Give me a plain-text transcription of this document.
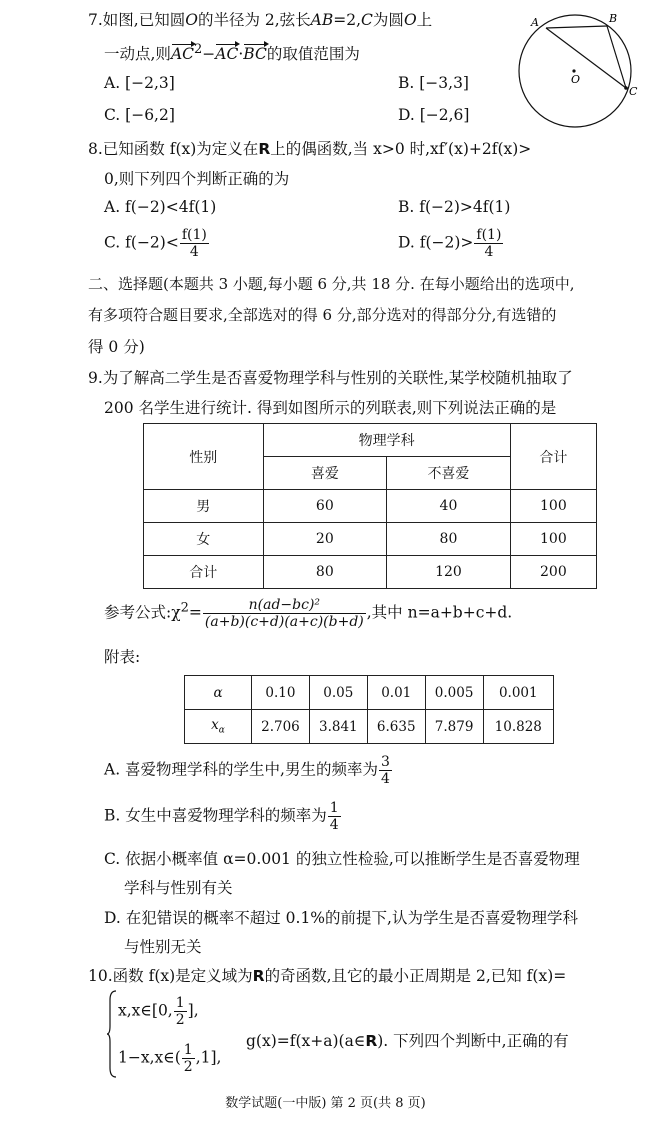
7.如图,已知圆O的半径为 2,弦长AB=2,C为圆O上
一动点,则$AC^2-AC\cdot BC$的取值范围为
A. [−2,3]	B. [−3,3]
C. [−6,2]	D. [−2,6]
A	B
C
O
8.已知函数 f(x)为定义在R上的偶函数,当 x>0 时,xf′(x)+2f(x)>
0,则下列四个判断正确的为
A. f(−2)<4f(1)	B. f(−2)>4f(1)
C. $f(-2)< \frac{f(1)}{4}$	D. $f(-2)> \frac{f(1)}{4}$
二、选择题(本题共 3 小题,每小题 6 分,共 18 分. 在每小题给出的选项中,
有多项符合题目要求,全部选对的得 6 分,部分选对的得部分分,有选错的
得 0 分)
9.为了解高二学生是否喜爱物理学科与性别的关联性,某学校随机抽取了
200 名学生进行统计. 得到如图所示的列联表,则下列说法正确的是
性别	物理学科		合计
	喜爱	不喜爱	
男	60	40	100
女	20	80	100
合计	80	120	200
参考公式$:\chi^2= \frac{\text{n(ad−bc)²}}{(a+b)(c+d)(a+c)(b+d)}$ ,其中 n=a+b+c+d.
附表:
α	0.10	0.05	0.01	0.005	0.001
$x_\alpha$	2.706	3.841	6.635	7.879	10.828
A. 喜爱物理学科的学生中,男生的频率为 $\frac{3}{4}$
B. 女生中喜爱物理学科的频率为 $\frac{1}{4}$
C. 依据小概率值 α=0.001 的独立性检验,可以推断学生是否喜爱物理
学科与性别有关
D. 在犯错误的概率不超过 0.1%的前提下,认为学生是否喜爱物理学科
与性别无关
10.函数 f(x)是定义域为R的奇函数,且它的最小正周期是 2,已知 f(x)=
x,x∈[0, $\frac{1}{2}$ ],
1−x,x∈( $\frac{1}{2} ,1$],
g(x)=f(x+a)(a∈R). 下列四个判断中,正确的有
数学试题(一中版) 第 2 页(共 8 页)
